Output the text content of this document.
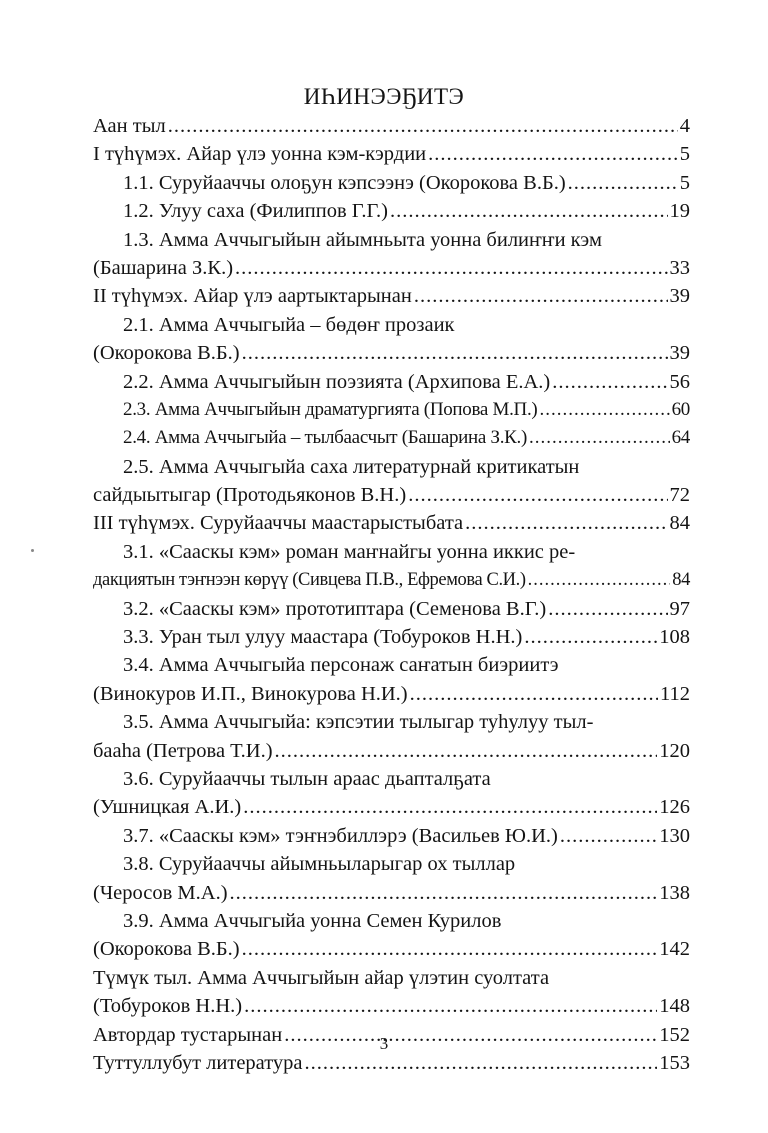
ИҺИНЭЭҔИТЭ
Аан тыл .....	4
I түһүмэх. Айар үлэ уонна кэм-кэрдии .....	5
1.1. Суруйааччы олоҕун кэпсээнэ (Окорокова В.Б.) .....	5
1.2. Улуу саха (Филиппов Г.Г.) .....	19
1.3. Амма Аччыгыйын айымньыта уонна билиҥҥи кэм
(Башарина З.К.) .....	33
II түһүмэх. Айар үлэ аартыктарынан .....	39
2.1. Амма Аччыгыйа – бөдөҥ прозаик
(Окорокова В.Б.) .....	39
2.2. Амма Аччыгыйын поэзиятa (Архипова Е.А.) .....	56
2.3. Амма Аччыгыйын драматургията (Попова М.П.) .....	60
2.4. Амма Аччыгыйа – тылбаасчыт (Башарина З.К.) .....	64
2.5. Амма Аччыгыйа саха литературнай критикатын
сайдыытыгар (Протодьяконов В.Н.) .....	72
III түһүмэх. Суруйааччы маастарыстыбата .....	84
3.1. «Сааскы кэм» роман маҥнайгы уонна иккис ре-
дакциятын тэҥнээн көрүү (Сивцева П.В., Ефремова С.И.) .....	84
3.2. «Сааскы кэм» прототиптара (Семенова В.Г.) .....	97
3.3. Уран тыл улуу маастара (Тобуроков Н.Н.) .....	108
3.4. Амма Аччыгыйа персонаж саҥатын биэриитэ
(Винокуров И.П., Винокурова Н.И.) .....	112
3.5. Амма Аччыгыйа: кэпсэтии тылыгар туһулуу тыл-
бааһа (Петрова Т.И.) .....	120
3.6. Суруйааччы тылын араас дьапталҕата
(Ушницкая А.И.) .....	126
3.7. «Сааскы кэм» тэҥнэбиллэрэ (Васильев Ю.И.) .....	130
3.8. Суруйааччы айымньыларыгар ох тыллар
(Черосов М.А.) .....	138
3.9. Амма Аччыгыйа уонна Семен Курилов
(Окорокова В.Б.) .....	142
Түмүк тыл. Амма Аччыгыйын айар үлэтин суолтата
(Тобуроков Н.Н.) .....	148
Автордар тустарынан .....	152
Туттуллубут литература .....	153
3
